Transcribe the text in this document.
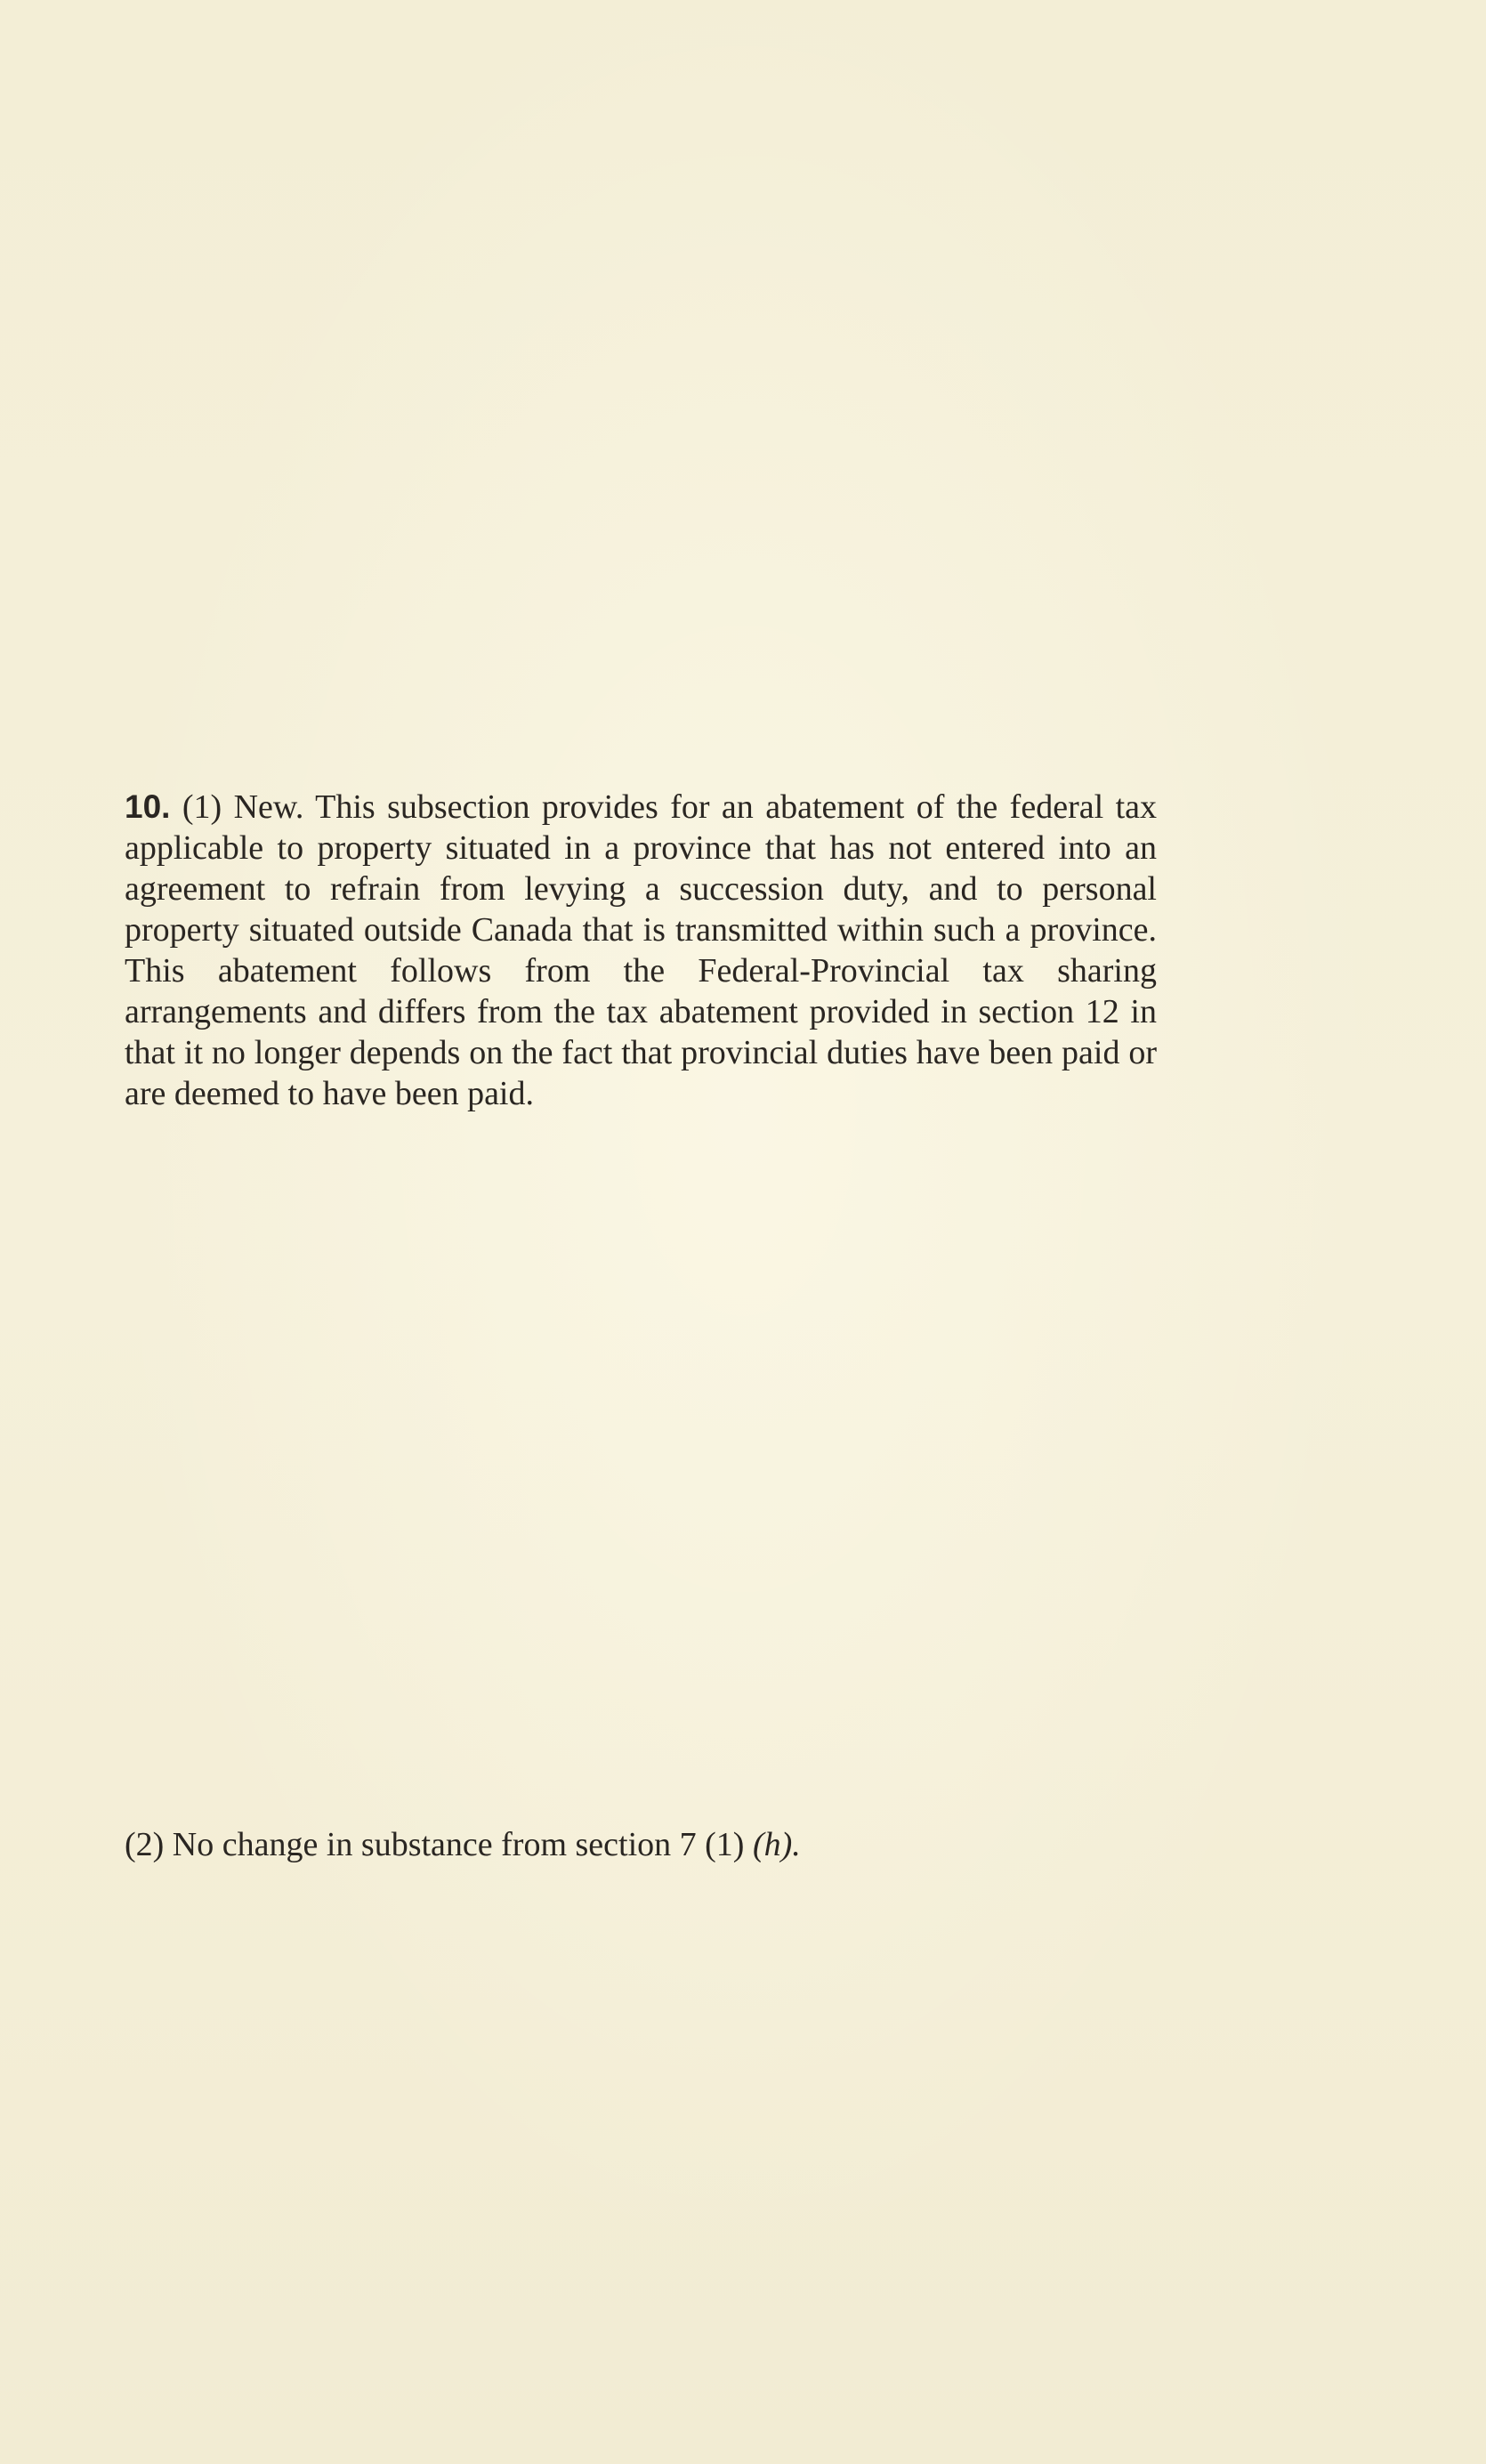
10. (1) New. This subsection provides for an abatement of the federal tax applicable to property situated in a province that has not entered into an agreement to refrain from levying a succession duty, and to personal property situated outside Canada that is transmitted within such a province. This abatement follows from the Federal-Provincial tax sharing arrangements and differs from the tax abatement provided in section 12 in that it no longer depends on the fact that provincial duties have been paid or are deemed to have been paid.

(2) No change in substance from section 7 (1) (h).
